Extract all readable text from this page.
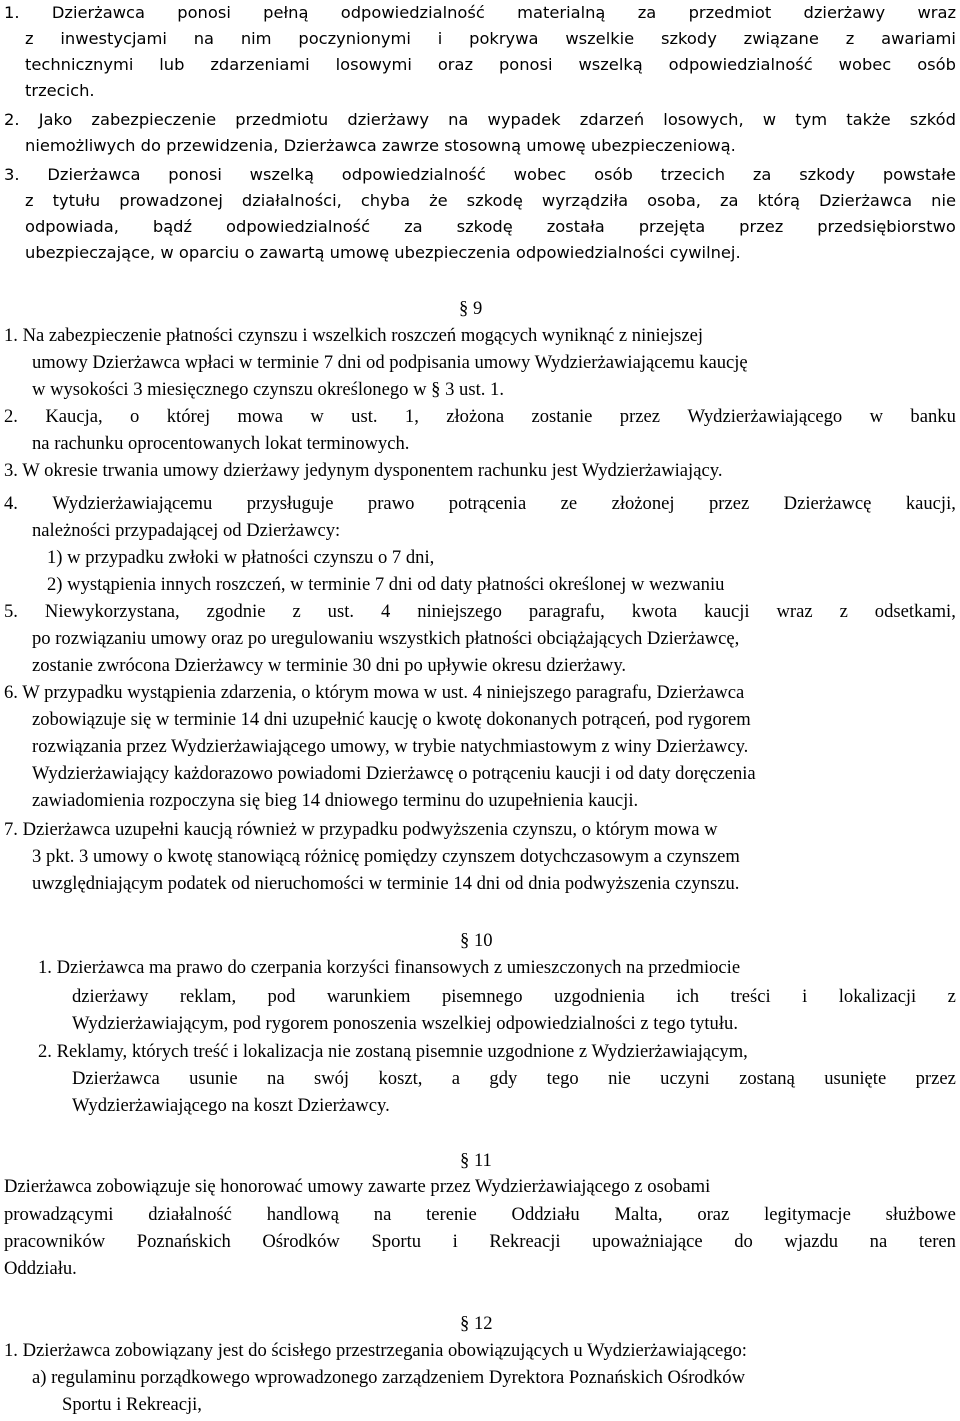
1. Dzierżawca ponosi pełną odpowiedzialność materialną za przedmiot dzierżawy wraz
z inwestycjami na nim poczynionymi i pokrywa wszelkie szkody związane z awariami
technicznymi lub zdarzeniami losowymi oraz ponosi wszelką odpowiedzialność wobec osób
trzecich.
2. Jako zabezpieczenie przedmiotu dzierżawy na wypadek zdarzeń losowych, w tym także szkód
niemożliwych do przewidzenia, Dzierżawca zawrze stosowną umowę ubezpieczeniową.
3. Dzierżawca ponosi wszelką odpowiedzialność wobec osób trzecich za szkody powstałe
z tytułu prowadzonej działalności, chyba że szkodę wyrządziła osoba, za którą Dzierżawca nie
odpowiada, bądź odpowiedzialność za szkodę została przejęta przez przedsiębiorstwo
ubezpieczające, w oparciu o zawartą umowę ubezpieczenia odpowiedzialności cywilnej.
§ 9
1. Na zabezpieczenie płatności czynszu i wszelkich roszczeń mogących wyniknąć z niniejszej
umowy Dzierżawca wpłaci w terminie 7 dni od podpisania umowy Wydzierżawiającemu kaucję
w wysokości 3 miesięcznego czynszu określonego w § 3 ust. 1.
2. Kaucja, o której mowa w ust. 1, złożona zostanie przez Wydzierżawiającego w banku
na rachunku oprocentowanych lokat terminowych.
3. W okresie trwania umowy dzierżawy jedynym dysponentem rachunku jest Wydzierżawiający.
4. Wydzierżawiającemu przysługuje prawo potrącenia ze złożonej przez Dzierżawcę kaucji,
należności przypadającej od Dzierżawcy:
1) w przypadku zwłoki w płatności czynszu o 7 dni,
2) wystąpienia innych roszczeń, w terminie 7 dni od daty płatności określonej w wezwaniu
5. Niewykorzystana, zgodnie z ust. 4 niniejszego paragrafu, kwota kaucji wraz z odsetkami,
po rozwiązaniu umowy oraz po uregulowaniu wszystkich płatności obciążających Dzierżawcę,
zostanie zwrócona Dzierżawcy w terminie 30 dni po upływie okresu dzierżawy.
6. W przypadku wystąpienia zdarzenia, o którym mowa w ust. 4 niniejszego paragrafu, Dzierżawca
zobowiązuje się w terminie 14 dni uzupełnić kaucję o kwotę dokonanych potrąceń, pod rygorem
rozwiązania przez Wydzierżawiającego umowy, w trybie natychmiastowym z winy Dzierżawcy.
Wydzierżawiający każdorazowo powiadomi Dzierżawcę o potrąceniu kaucji i od daty doręczenia
zawiadomienia rozpoczyna się bieg 14 dniowego terminu do uzupełnienia kaucji.
7. Dzierżawca uzupełni kaucją również w przypadku podwyższenia czynszu, o którym mowa w
3 pkt. 3 umowy o kwotę stanowiącą różnicę pomiędzy czynszem dotychczasowym a czynszem
uwzględniającym podatek od nieruchomości w terminie 14 dni od dnia podwyższenia czynszu.
§ 10
1. Dzierżawca ma prawo do czerpania korzyści finansowych z umieszczonych na przedmiocie
dzierżawy reklam, pod warunkiem pisemnego uzgodnienia ich treści i lokalizacji z
Wydzierżawiającym, pod rygorem ponoszenia wszelkiej odpowiedzialności z tego tytułu.
2. Reklamy, których treść i lokalizacja nie zostaną pisemnie uzgodnione z Wydzierżawiającym,
Dzierżawca usunie na swój koszt, a gdy tego nie uczyni zostaną usunięte przez
Wydzierżawiającego na koszt Dzierżawcy.
§ 11
Dzierżawca zobowiązuje się honorować umowy zawarte przez Wydzierżawiającego z osobami
prowadzącymi działalność handlową na terenie Oddziału Malta, oraz legitymacje służbowe
pracowników Poznańskich Ośrodków Sportu i Rekreacji upoważniające do wjazdu na teren
Oddziału.
§ 12
1. Dzierżawca zobowiązany jest do ścisłego przestrzegania obowiązujących u Wydzierżawiającego:
a) regulaminu porządkowego wprowadzonego zarządzeniem Dyrektora Poznańskich Ośrodków
Sportu i Rekreacji,
